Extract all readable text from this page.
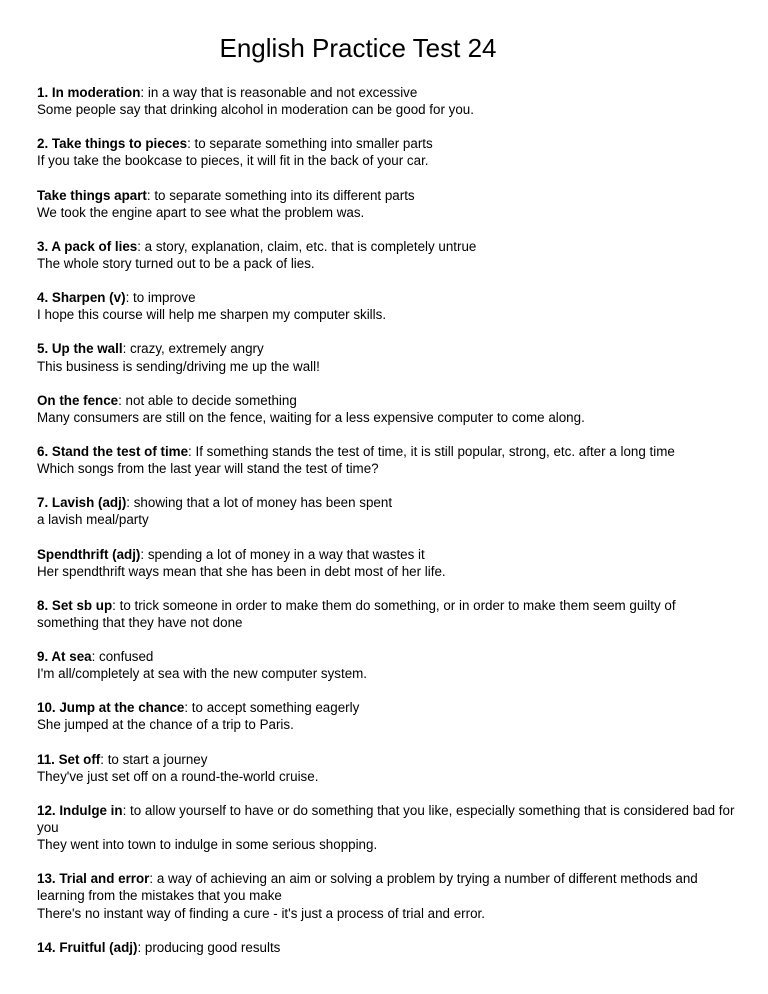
English Practice Test 24
1. In moderation: in a way that is reasonable and not excessive
Some people say that drinking alcohol in moderation can be good for you.
2. Take things to pieces: to separate something into smaller parts
If you take the bookcase to pieces, it will fit in the back of your car.
Take things apart: to separate something into its different parts
We took the engine apart to see what the problem was.
3. A pack of lies: a story, explanation, claim, etc. that is completely untrue
The whole story turned out to be a pack of lies.
4. Sharpen (v): to improve
I hope this course will help me sharpen my computer skills.
5. Up the wall: crazy, extremely angry
This business is sending/driving me up the wall!
On the fence: not able to decide something
Many consumers are still on the fence, waiting for a less expensive computer to come along.
6. Stand the test of time: If something stands the test of time, it is still popular, strong, etc. after a long time
Which songs from the last year will stand the test of time?
7. Lavish (adj): showing that a lot of money has been spent
a lavish meal/party
Spendthrift (adj): spending a lot of money in a way that wastes it
Her spendthrift ways mean that she has been in debt most of her life.
8. Set sb up: to trick someone in order to make them do something, or in order to make them seem guilty of something that they have not done
9. At sea: confused
I'm all/completely at sea with the new computer system.
10. Jump at the chance: to accept something eagerly
She jumped at the chance of a trip to Paris.
11. Set off: to start a journey
They've just set off on a round-the-world cruise.
12. Indulge in: to allow yourself to have or do something that you like, especially something that is considered bad for you
They went into town to indulge in some serious shopping.
13. Trial and error: a way of achieving an aim or solving a problem by trying a number of different methods and learning from the mistakes that you make
There's no instant way of finding a cure - it's just a process of trial and error.
14. Fruitful (adj): producing good results
